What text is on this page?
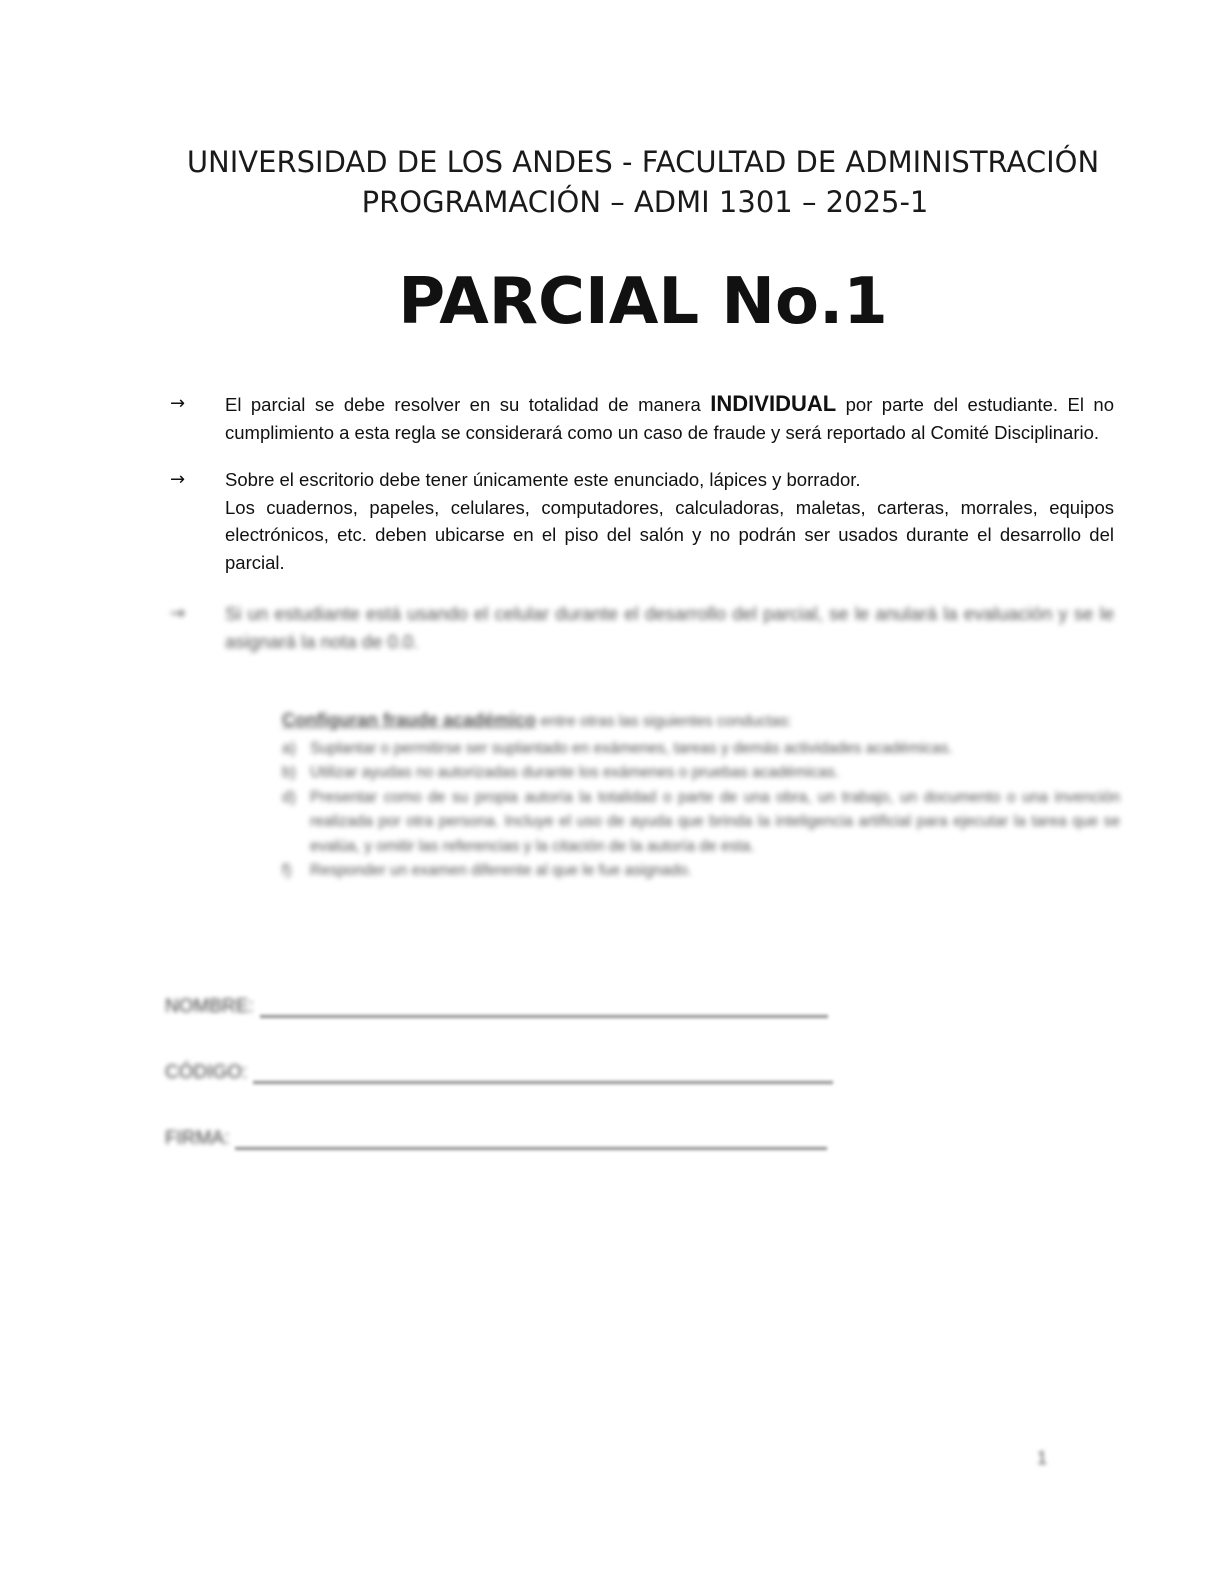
UNIVERSIDAD DE LOS ANDES - FACULTAD DE ADMINISTRACIÓN
PROGRAMACIÓN – ADMI 1301 – 2025-1
PARCIAL No.1
→ El parcial se debe resolver en su totalidad de manera INDIVIDUAL por parte del estudiante. El no cumplimiento a esta regla se considerará como un caso de fraude y será reportado al Comité Disciplinario.
→ Sobre el escritorio debe tener únicamente este enunciado, lápices y borrador.
Los cuadernos, papeles, celulares, computadores, calculadoras, maletas, carteras, morrales, equipos electrónicos, etc. deben ubicarse en el piso del salón y no podrán ser usados durante el desarrollo del parcial.
→ Si un estudiante está usando el celular durante el desarrollo del parcial, se le anulará la evaluación y se le asignará la nota de 0.0.
Configuran fraude académico entre otras las siguientes conductas:
a) Suplantar o permitirse ser suplantado en exámenes, tareas y demás actividades académicas.
b) Utilizar ayudas no autorizadas durante los exámenes o pruebas académicas.
d) Presentar como de su propia autoría la totalidad o parte de una obra, un trabajo, un documento o una invención realizada por otra persona. Incluye el uso de ayuda que brinda la inteligencia artificial para ejecutar la tarea que se evalúa, y omitir las referencias y la citación de la autoría de esta.
f) Responder un examen diferente al que le fue asignado.
NOMBRE:
CÓDIGO:
FIRMA:
1
